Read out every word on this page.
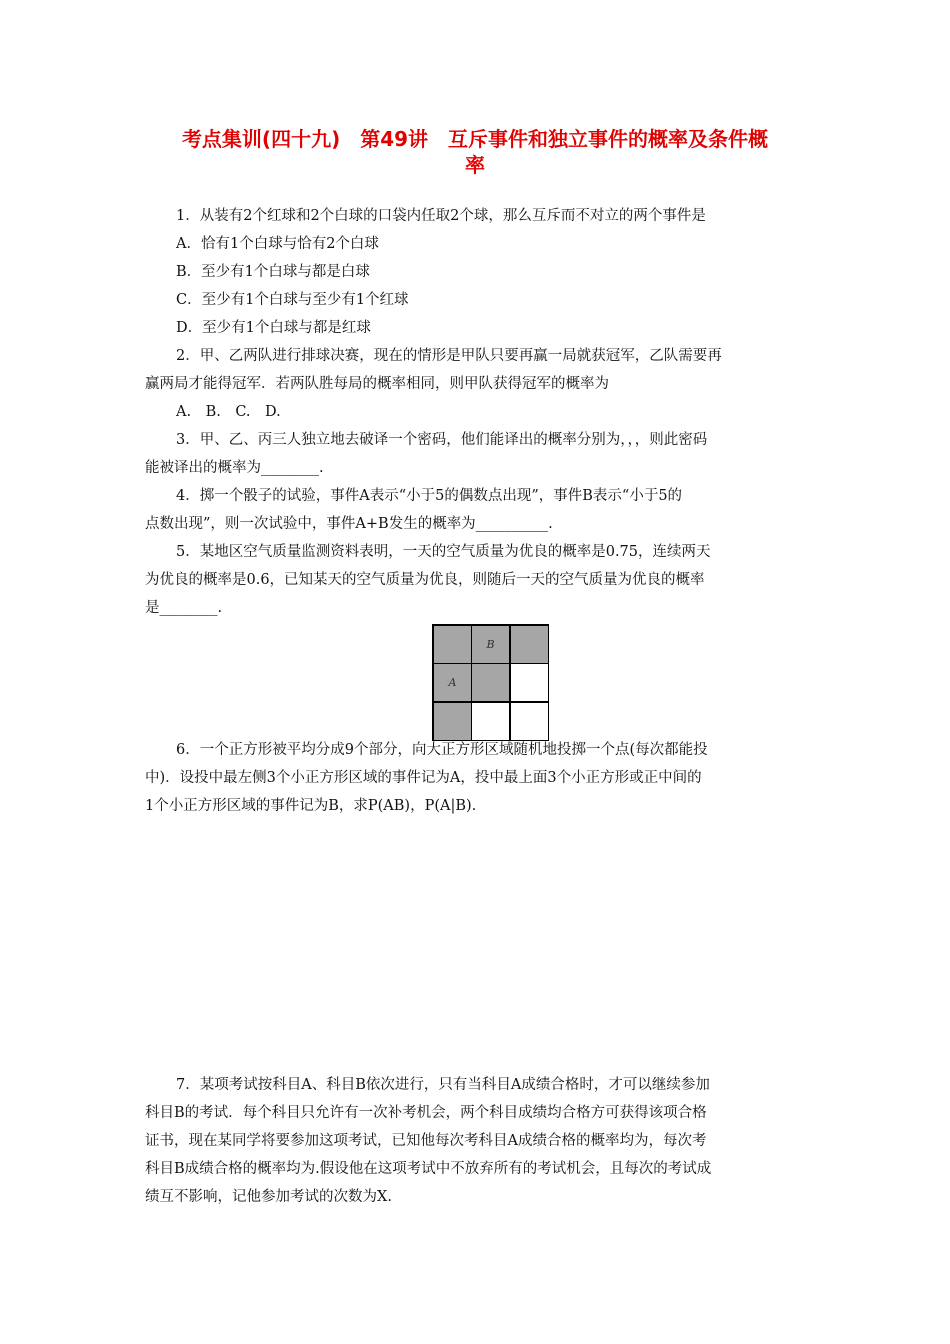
考点集训(四十九)　第49讲　互斥事件和独立事件的概率及条件概
率
1．从装有2个红球和2个白球的口袋内任取2个球，那么互斥而不对立的两个事件是
A．恰有1个白球与恰有2个白球
B．至少有1个白球与都是白球
C．至少有1个白球与至少有1个红球
D．至少有1个白球与都是红球
2．甲、乙两队进行排球决赛，现在的情形是甲队只要再赢一局就获冠军，乙队需要再
赢两局才能得冠军．若两队胜每局的概率相同，则甲队获得冠军的概率为
A.　B.　C.　D.
3．甲、乙、丙三人独立地去破译一个密码，他们能译出的概率分别为，，，则此密码
能被译出的概率为________.
4．掷一个骰子的试验，事件A表示“小于5的偶数点出现”，事件B表示“小于5的
点数出现”，则一次试验中，事件A+B发生的概率为__________.
5．某地区空气质量监测资料表明，一天的空气质量为优良的概率是0.75，连续两天
为优良的概率是0.6，已知某天的空气质量为优良，则随后一天的空气质量为优良的概率
是________.
B
A
6．一个正方形被平均分成9个部分，向大正方形区域随机地投掷一个点(每次都能投
中)．设投中最左侧3个小正方形区域的事件记为A，投中最上面3个小正方形或正中间的
1个小正方形区域的事件记为B，求P(AB)，P(A|B).
7．某项考试按科目A、科目B依次进行，只有当科目A成绩合格时，才可以继续参加
科目B的考试．每个科目只允许有一次补考机会，两个科目成绩均合格方可获得该项合格
证书，现在某同学将要参加这项考试，已知他每次考科目A成绩合格的概率均为，每次考
科目B成绩合格的概率均为.假设他在这项考试中不放弃所有的考试机会，且每次的考试成
绩互不影响，记他参加考试的次数为X.
